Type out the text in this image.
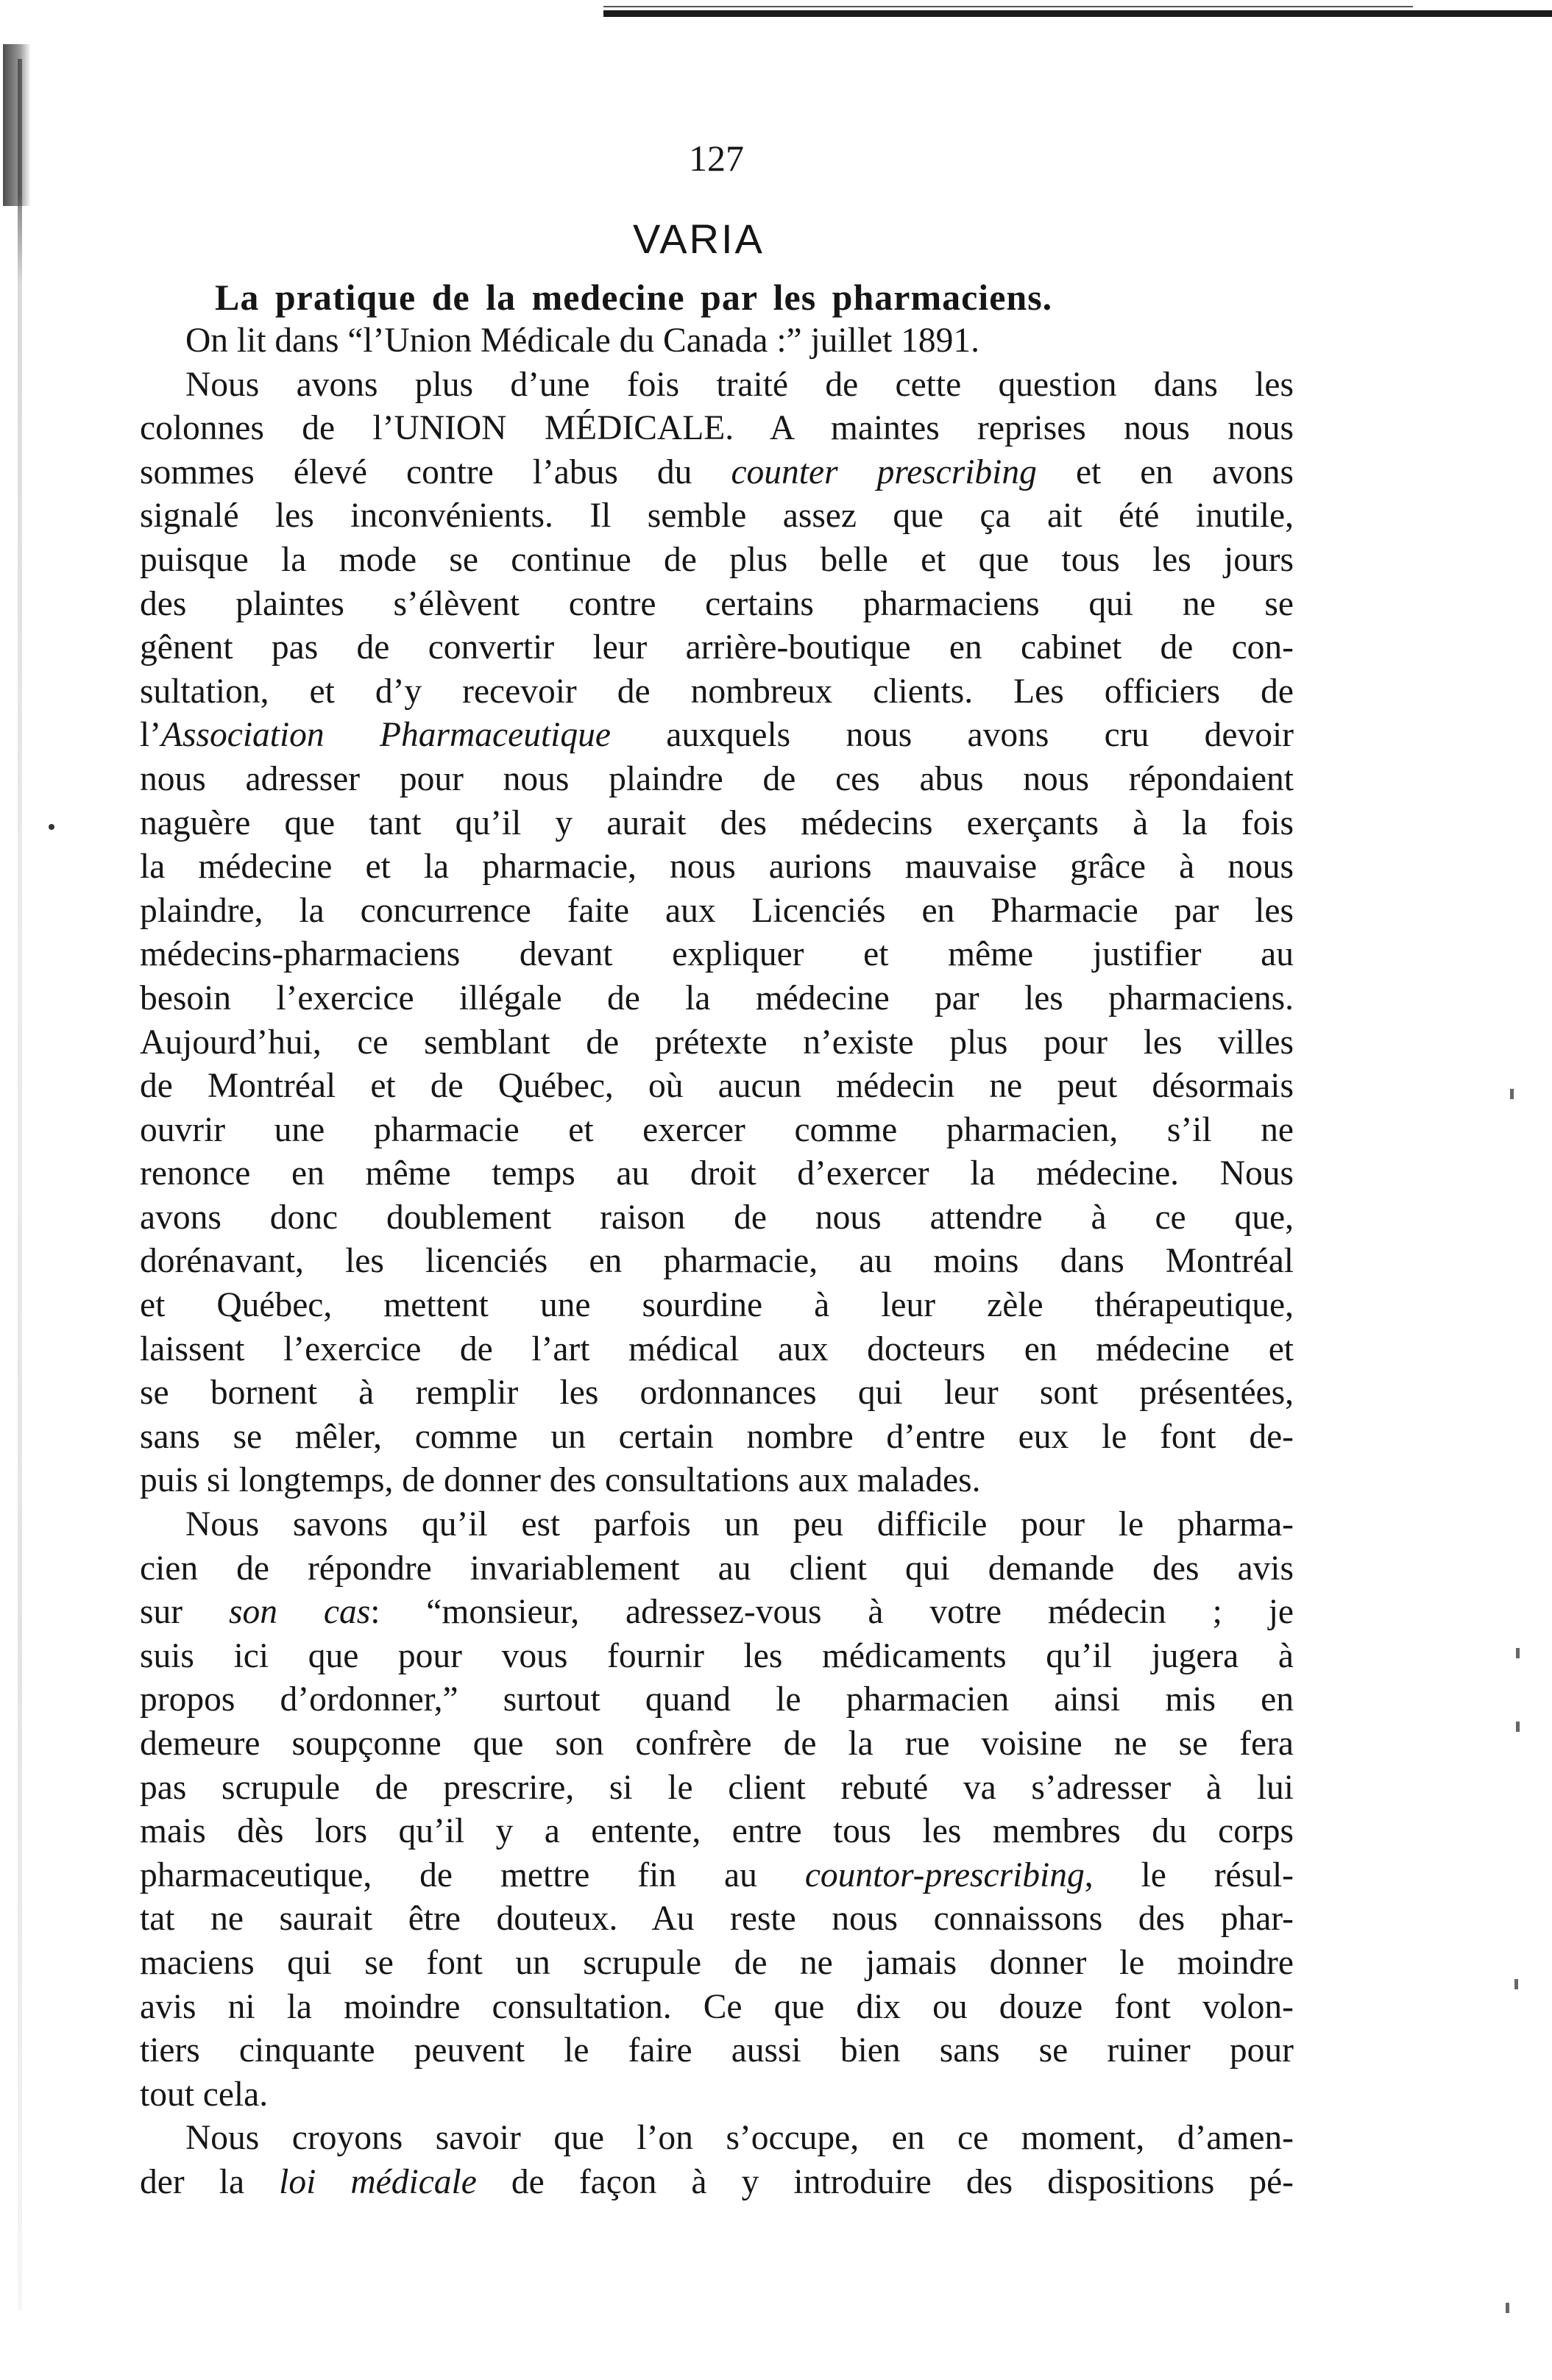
127
VARIA
La pratique de la medecine par les pharmaciens.
On lit dans “l’Union Médicale du Canada :” juillet 1891.
Nous avons plus d’une fois traité de cette question dans les
colonnes de l’UNION MÉDICALE. A maintes reprises nous nous
sommes élevé contre l’abus du counter prescribing et en avons
signalé les inconvénients. Il semble assez que ça ait été inutile,
puisque la mode se continue de plus belle et que tous les jours
des plaintes s’élèvent contre certains pharmaciens qui ne se
gênent pas de convertir leur arrière-boutique en cabinet de con-
sultation, et d’y recevoir de nombreux clients. Les officiers de
l’Association Pharmaceutique auxquels nous avons cru devoir
nous adresser pour nous plaindre de ces abus nous répondaient
naguère que tant qu’il y aurait des médecins exerçants à la fois
la médecine et la pharmacie, nous aurions mauvaise grâce à nous
plaindre, la concurrence faite aux Licenciés en Pharmacie par les
médecins-pharmaciens devant expliquer et même justifier au
besoin l’exercice illégale de la médecine par les pharmaciens.
Aujourd’hui, ce semblant de prétexte n’existe plus pour les villes
de Montréal et de Québec, où aucun médecin ne peut désormais
ouvrir une pharmacie et exercer comme pharmacien, s’il ne
renonce en même temps au droit d’exercer la médecine. Nous
avons donc doublement raison de nous attendre à ce que,
dorénavant, les licenciés en pharmacie, au moins dans Montréal
et Québec, mettent une sourdine à leur zèle thérapeutique,
laissent l’exercice de l’art médical aux docteurs en médecine et
se bornent à remplir les ordonnances qui leur sont présentées,
sans se mêler, comme un certain nombre d’entre eux le font de-
puis si longtemps, de donner des consultations aux malades.
Nous savons qu’il est parfois un peu difficile pour le pharma-
cien de répondre invariablement au client qui demande des avis
sur son cas: “monsieur, adressez-vous à votre médecin ; je
suis ici que pour vous fournir les médicaments qu’il jugera à
propos d’ordonner,” surtout quand le pharmacien ainsi mis en
demeure soupçonne que son confrère de la rue voisine ne se fera
pas scrupule de prescrire, si le client rebuté va s’adresser à lui
mais dès lors qu’il y a entente, entre tous les membres du corps
pharmaceutique, de mettre fin au countor-prescribing, le résul-
tat ne saurait être douteux. Au reste nous connaissons des phar-
maciens qui se font un scrupule de ne jamais donner le moindre
avis ni la moindre consultation. Ce que dix ou douze font volon-
tiers cinquante peuvent le faire aussi bien sans se ruiner pour
tout cela.
Nous croyons savoir que l’on s’occupe, en ce moment, d’amen-
der la loi médicale de façon à y introduire des dispositions pé-
